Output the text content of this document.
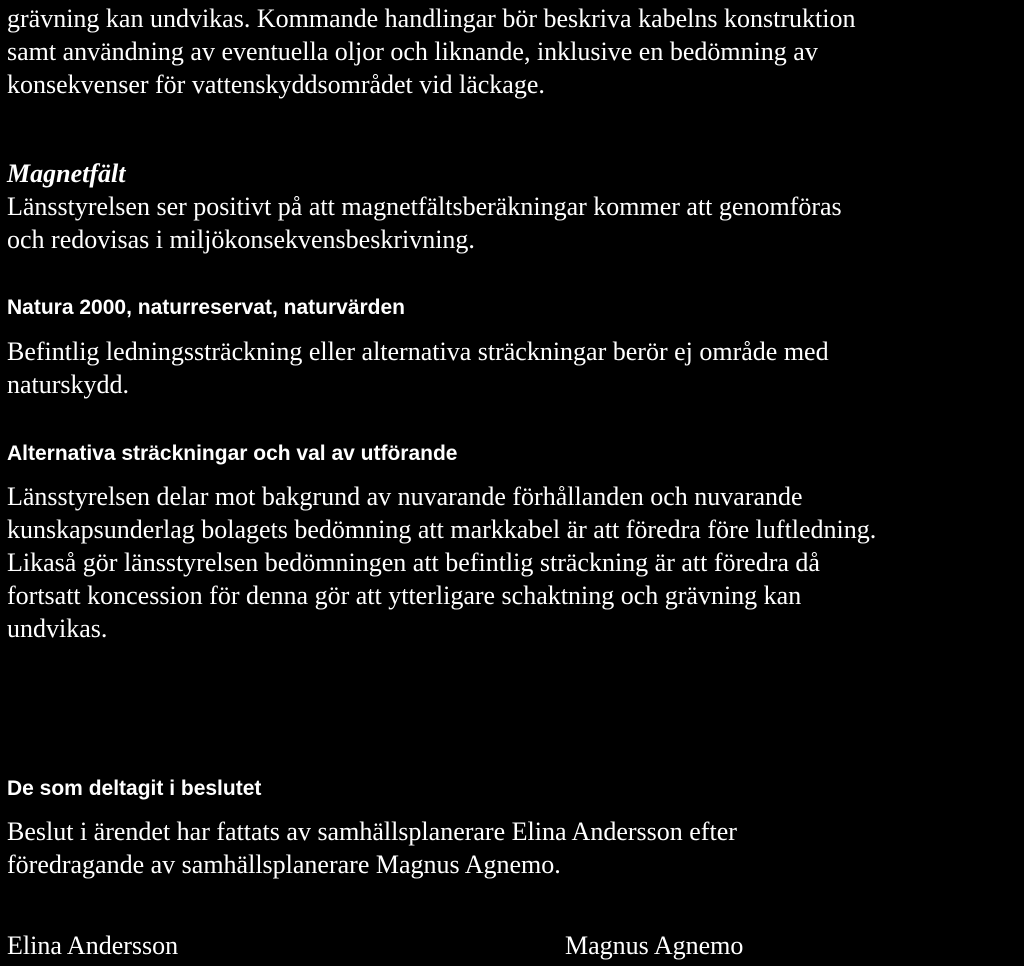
grävning kan undvikas. Kommande handlingar bör beskriva kabelns konstruktion
samt användning av eventuella oljor och liknande, inklusive en bedömning av
konsekvenser för vattenskyddsområdet vid läckage.

Magnetfält

Länsstyrelsen ser positivt på att magnetfältsberäkningar kommer att genomföras
och redovisas i miljökonsekvensbeskrivning.

Natura 2000, naturreservat, naturvärden

Befintlig ledningssträckning eller alternativa sträckningar berör ej område med
naturskydd.

Alternativa sträckningar och val av utförande

Länsstyrelsen delar mot bakgrund av nuvarande förhållanden och nuvarande
kunskapsunderlag bolagets bedömning att markkabel är att föredra före luftledning.
Likaså gör länsstyrelsen bedömningen att befintlig sträckning är att föredra då
fortsatt koncession för denna gör att ytterligare schaktning och grävning kan
undvikas.

De som deltagit i beslutet

Beslut i ärendet har fattats av samhällsplanerare Elina Andersson efter
föredragande av samhällsplanerare Magnus Agnemo.

Elina Andersson	Magnus Agnemo
